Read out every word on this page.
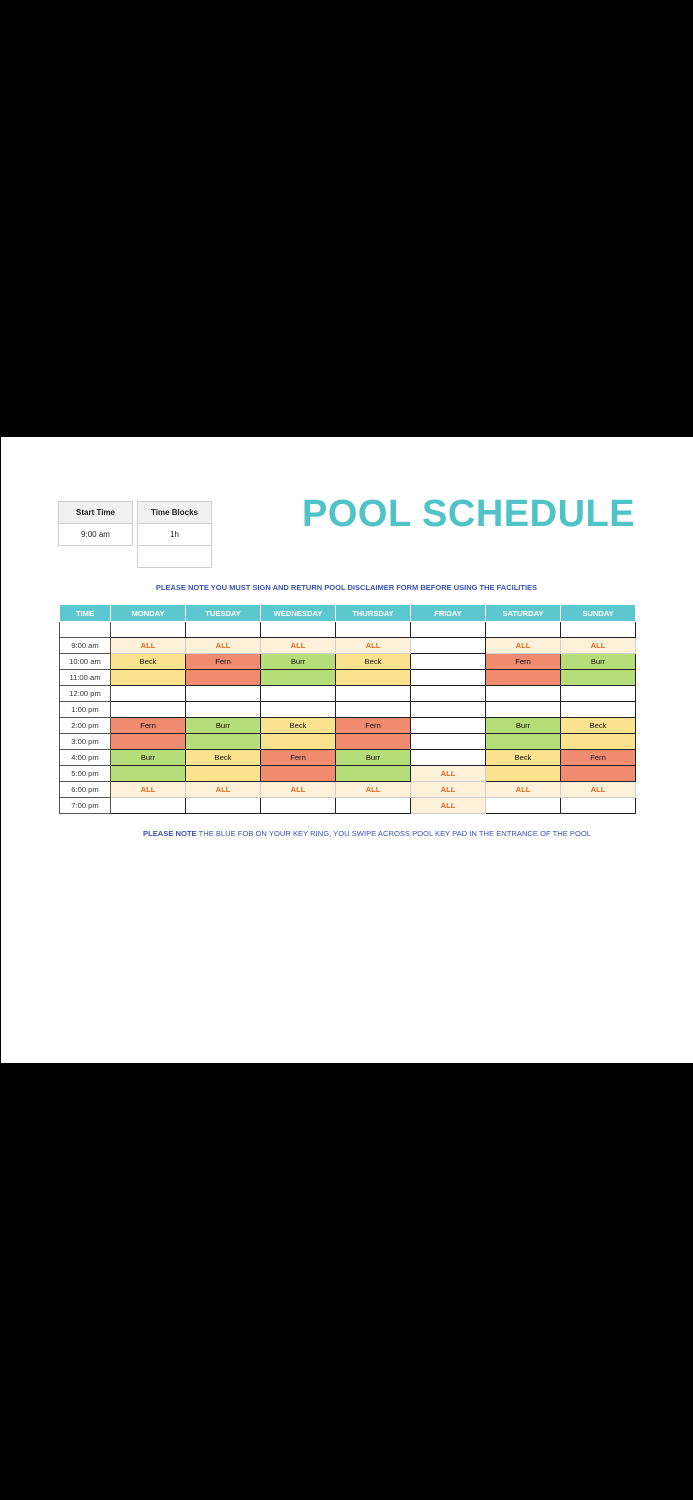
Start Time
9:00 am
Time Blocks
1h	POOL SCHEDULE
PLEASE NOTE YOU MUST SIGN AND RETURN POOL DISCLAIMER FORM BEFORE USING THE FACILITIES
TIME	MONDAY	TUESDAY	WEDNESDAY	THURSDAY	FRIDAY	SATURDAY	SUNDAY

9:00 am	ALL	ALL	ALL	ALL		ALL	ALL
10:00 am	Beck	Fern	Burr	Beck		Fern	Burr
11:00 am							
12:00 pm							
1:00 pm							
2:00 pm	Fern	Burr	Beck	Fern		Burr	Beck
3:00 pm							
4:00 pm	Burr	Beck	Fern	Burr		Beck	Fern
5:00 pm					ALL		
6:00 pm	ALL	ALL	ALL	ALL	ALL	ALL	ALL
7:00 pm					ALL		
PLEASE NOTE THE BLUE FOB ON YOUR KEY RING, YOU SWIPE ACROSS POOL KEY PAD IN THE ENTRANCE OF THE POOL
